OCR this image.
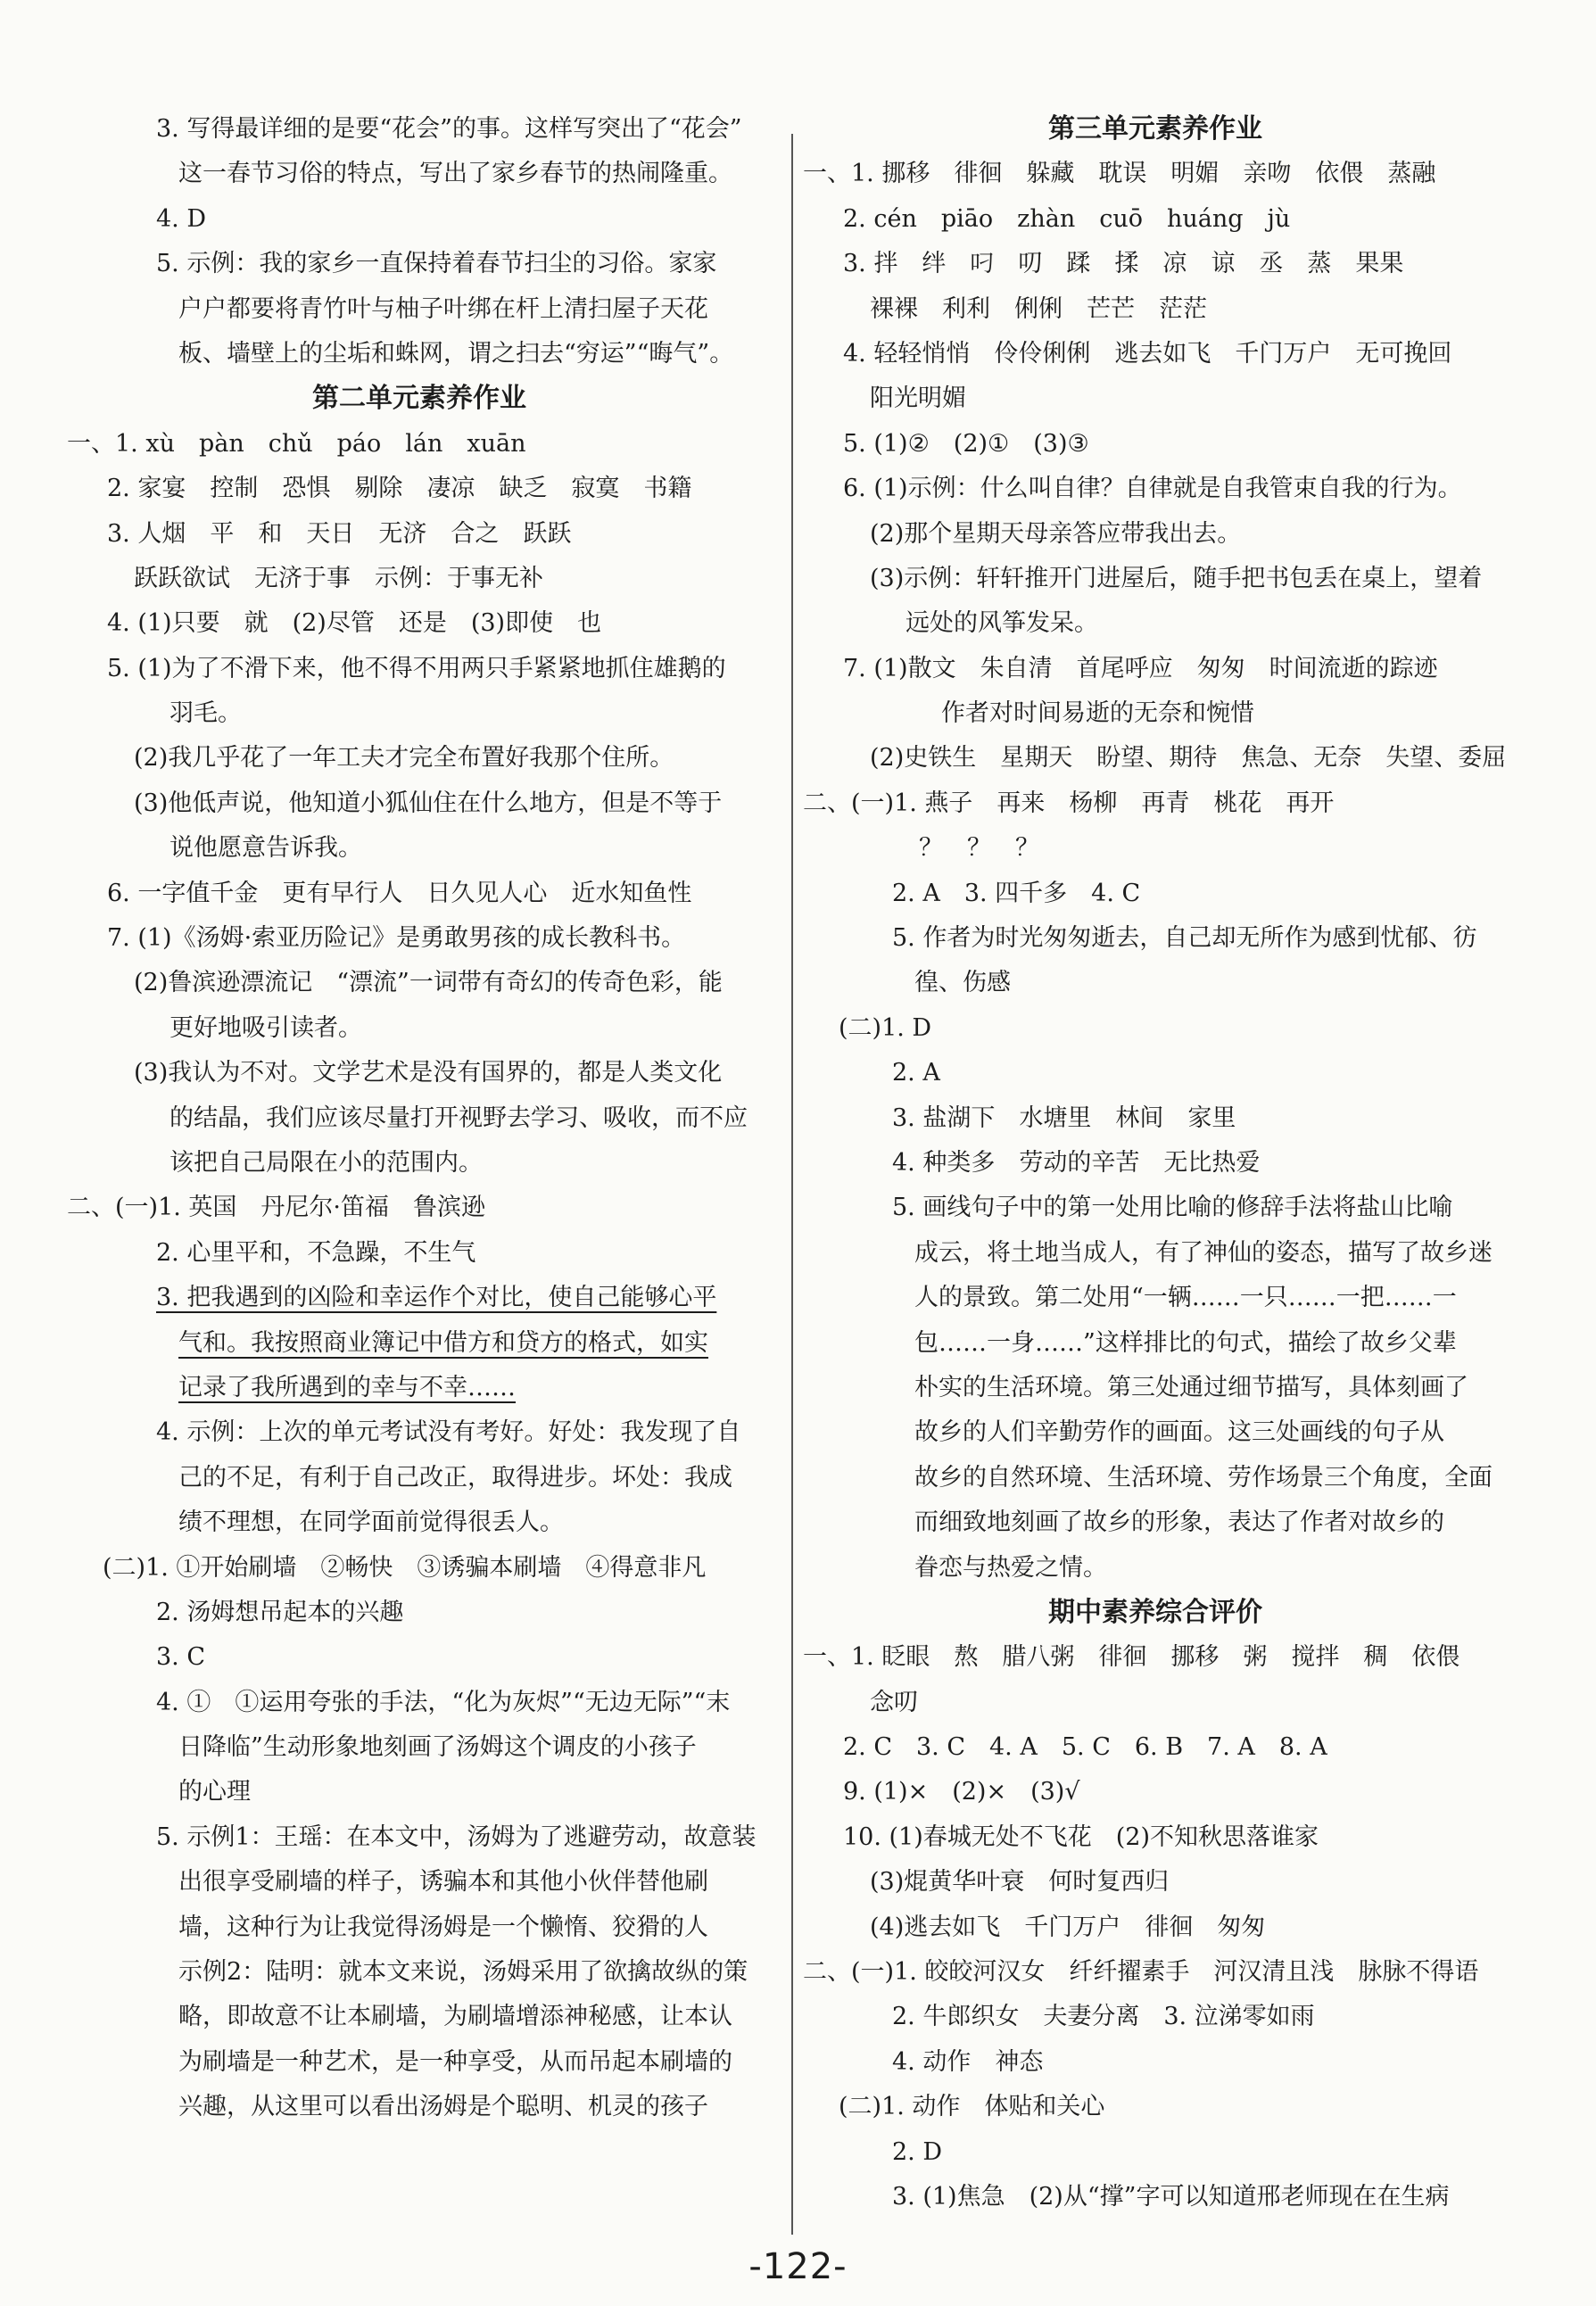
3. 写得最详细的是要“花会”的事。这样写突出了“花会”
这一春节习俗的特点，写出了家乡春节的热闹隆重。
4. D
5. 示例：我的家乡一直保持着春节扫尘的习俗。家家
户户都要将青竹叶与柚子叶绑在杆上清扫屋子天花
板、墙壁上的尘垢和蛛网，谓之扫去“穷运”“晦气”。
第二单元素养作业
一、1. xù　pàn　chǔ　páo　lán　xuān
2. 家宴　控制　恐惧　剔除　凄凉　缺乏　寂寞　书籍
3. 人烟　平　和　天日　无济　合之　跃跃
跃跃欲试　无济于事　示例：于事无补
4. (1)只要　就　(2)尽管　还是　(3)即使　也
5. (1)为了不滑下来，他不得不用两只手紧紧地抓住雄鹅的
羽毛。
(2)我几乎花了一年工夫才完全布置好我那个住所。
(3)他低声说，他知道小狐仙住在什么地方，但是不等于
说他愿意告诉我。
6. 一字值千金　更有早行人　日久见人心　近水知鱼性
7. (1)《汤姆·索亚历险记》是勇敢男孩的成长教科书。
(2)鲁滨逊漂流记　“漂流”一词带有奇幻的传奇色彩，能
更好地吸引读者。
(3)我认为不对。文学艺术是没有国界的，都是人类文化
的结晶，我们应该尽量打开视野去学习、吸收，而不应
该把自己局限在小的范围内。
二、(一)1. 英国　丹尼尔·笛福　鲁滨逊
2. 心里平和，不急躁，不生气
3. 把我遇到的凶险和幸运作个对比，使自己能够心平
气和。我按照商业簿记中借方和贷方的格式，如实
记录了我所遇到的幸与不幸……
4. 示例：上次的单元考试没有考好。好处：我发现了自
己的不足，有利于自己改正，取得进步。坏处：我成
绩不理想，在同学面前觉得很丢人。
(二)1. ①开始刷墙　②畅快　③诱骗本刷墙　④得意非凡
2. 汤姆想吊起本的兴趣
3. C
4. ①　①运用夸张的手法，“化为灰烬”“无边无际”“末
日降临”生动形象地刻画了汤姆这个调皮的小孩子
的心理
5. 示例1：王瑶：在本文中，汤姆为了逃避劳动，故意装
出很享受刷墙的样子，诱骗本和其他小伙伴替他刷
墙，这种行为让我觉得汤姆是一个懒惰、狡猾的人
示例2：陆明：就本文来说，汤姆采用了欲擒故纵的策
略，即故意不让本刷墙，为刷墙增添神秘感，让本认
为刷墙是一种艺术，是一种享受，从而吊起本刷墙的
兴趣，从这里可以看出汤姆是个聪明、机灵的孩子
第三单元素养作业
一、1. 挪移　徘徊　躲藏　耽误　明媚　亲吻　依偎　蒸融
2. cén　piāo　zhàn　cuō　huáng　jù
3. 拌　绊　叼　叨　蹂　揉　凉　谅　丞　蒸　果果
裸裸　利利　俐俐　芒芒　茫茫
4. 轻轻悄悄　伶伶俐俐　逃去如飞　千门万户　无可挽回
阳光明媚
5. (1)②　(2)①　(3)③
6. (1)示例：什么叫自律？自律就是自我管束自我的行为。
(2)那个星期天母亲答应带我出去。
(3)示例：轩轩推开门进屋后，随手把书包丢在桌上，望着
远处的风筝发呆。
7. (1)散文　朱自清　首尾呼应　匆匆　时间流逝的踪迹
作者对时间易逝的无奈和惋惜
(2)史铁生　星期天　盼望、期待　焦急、无奈　失望、委屈
二、(一)1. 燕子　再来　杨柳　再青　桃花　再开
？　？　？
2. A　3. 四千多　4. C
5. 作者为时光匆匆逝去，自己却无所作为感到忧郁、彷
徨、伤感
(二)1. D
2. A
3. 盐湖下　水塘里　林间　家里
4. 种类多　劳动的辛苦　无比热爱
5. 画线句子中的第一处用比喻的修辞手法将盐山比喻
成云，将土地当成人，有了神仙的姿态，描写了故乡迷
人的景致。第二处用“一辆……一只……一把……一
包……一身……”这样排比的句式，描绘了故乡父辈
朴实的生活环境。第三处通过细节描写，具体刻画了
故乡的人们辛勤劳作的画面。这三处画线的句子从
故乡的自然环境、生活环境、劳作场景三个角度，全面
而细致地刻画了故乡的形象，表达了作者对故乡的
眷恋与热爱之情。
期中素养综合评价
一、1. 眨眼　熬　腊八粥　徘徊　挪移　粥　搅拌　稠　依偎
念叨
2. C　3. C　4. A　5. C　6. B　7. A　8. A
9. (1)×　(2)×　(3)√
10. (1)春城无处不飞花　(2)不知秋思落谁家
(3)焜黄华叶衰　何时复西归
(4)逃去如飞　千门万户　徘徊　匆匆
二、(一)1. 皎皎河汉女　纤纤擢素手　河汉清且浅　脉脉不得语
2. 牛郎织女　夫妻分离　3. 泣涕零如雨
4. 动作　神态
(二)1. 动作　体贴和关心
2. D
3. (1)焦急　(2)从“撑”字可以知道邢老师现在在生病
-122-
